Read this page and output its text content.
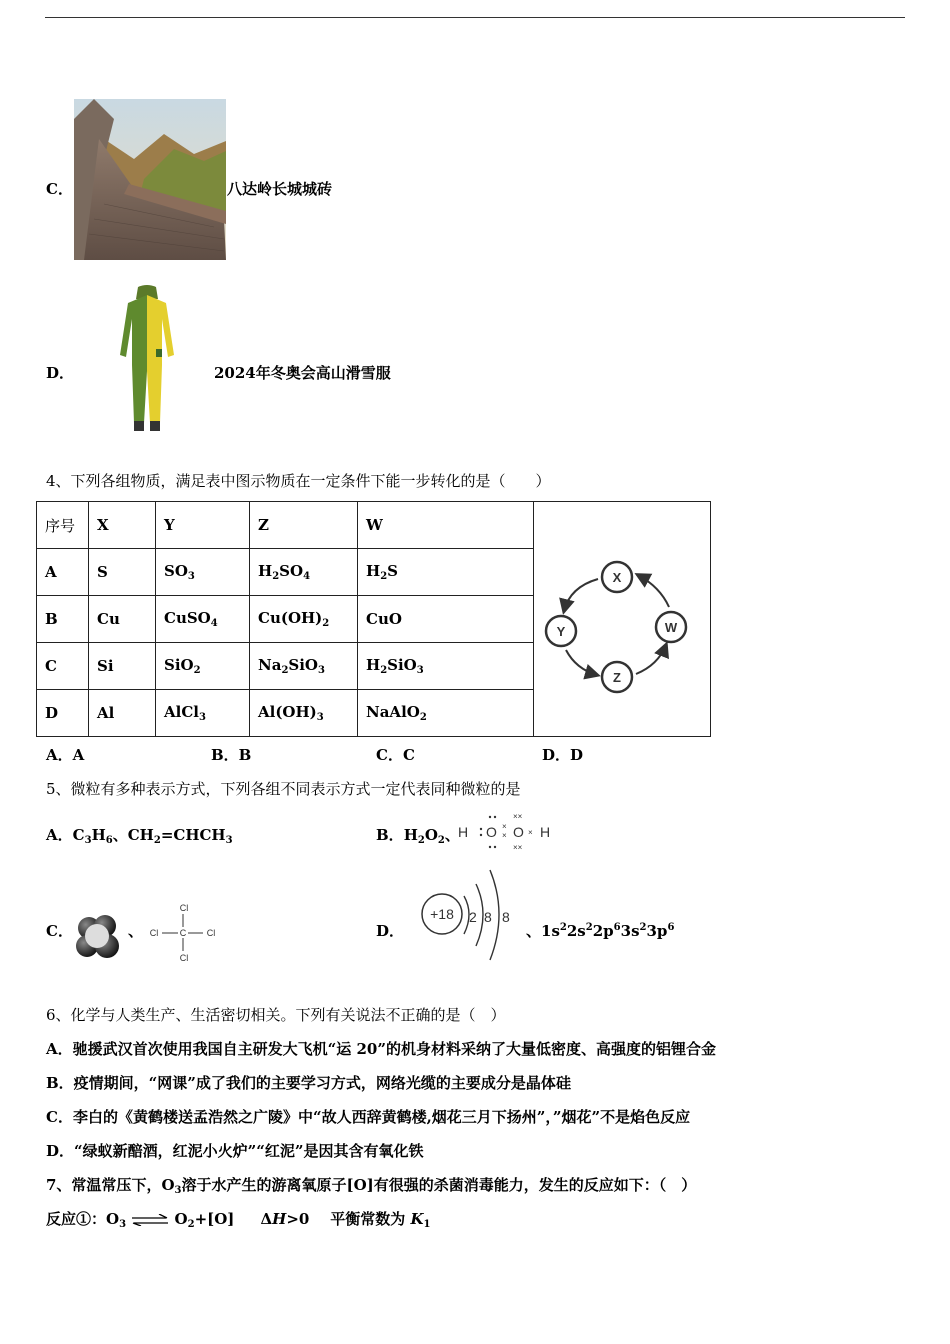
C．	八达岭长城城砖
D．	2024年冬奥会高山滑雪服
4、下列各组物质，满足表中图示物质在一定条件下能一步转化的是（　　）
序号	X	Y	Z	W	X
W
Z
Y

A	S	$SO_3$	$H_2SO_4$	$H_2S$	
B	Cu	CuSO$_4$	$Cu(OH)_2$	CuO	
C	Si	SiO$_2$	$Na_2SiO_3$	$H_2SiO_3$
D	Al	AlCl$_3$	$Al(OH)_3$	NaAlO$_2$
A．A	B．B	C．C	D．D
5、微粒有多种表示方式，下列各组不同表示方式一定代表同种微粒的是
A．$C_3H_6$、$CH_2=CHCH_3$	B．$H_2O_2$、
H O O H
××
××
×
×	×
C．	、
Cl
Cl
Cl	Cl
C	D．
+18 2 8 8
、$1s^22s^22p^63s^23p^6$
6、化学与人类生产、生活密切相关。下列有关说法不正确的是（　）
A．驰援武汉首次使用我国自主研发大飞机“运 20”的机身材料采纳了大量低密度、高强度的铝锂合金
B．疫情期间，“网课”成了我们的主要学习方式，网络光缆的主要成分是晶体硅
C．李白的《黄鹤楼送孟浩然之广陵》中“故人西辞黄鹤楼,烟花三月下扬州”，”烟花”不是焰色反应
D．“绿蚁新醅酒，红泥小火炉”“红泥”是因其含有氧化铁
7、常温常压下，$O_3$溶于水产生的游离氧原子[O]有很强的杀菌消毒能力，发生的反应如下：（　）
反应①：$O_3$ ⇌ $O_2+[O]$ ΔH>0 平衡常数为 $K_1$
